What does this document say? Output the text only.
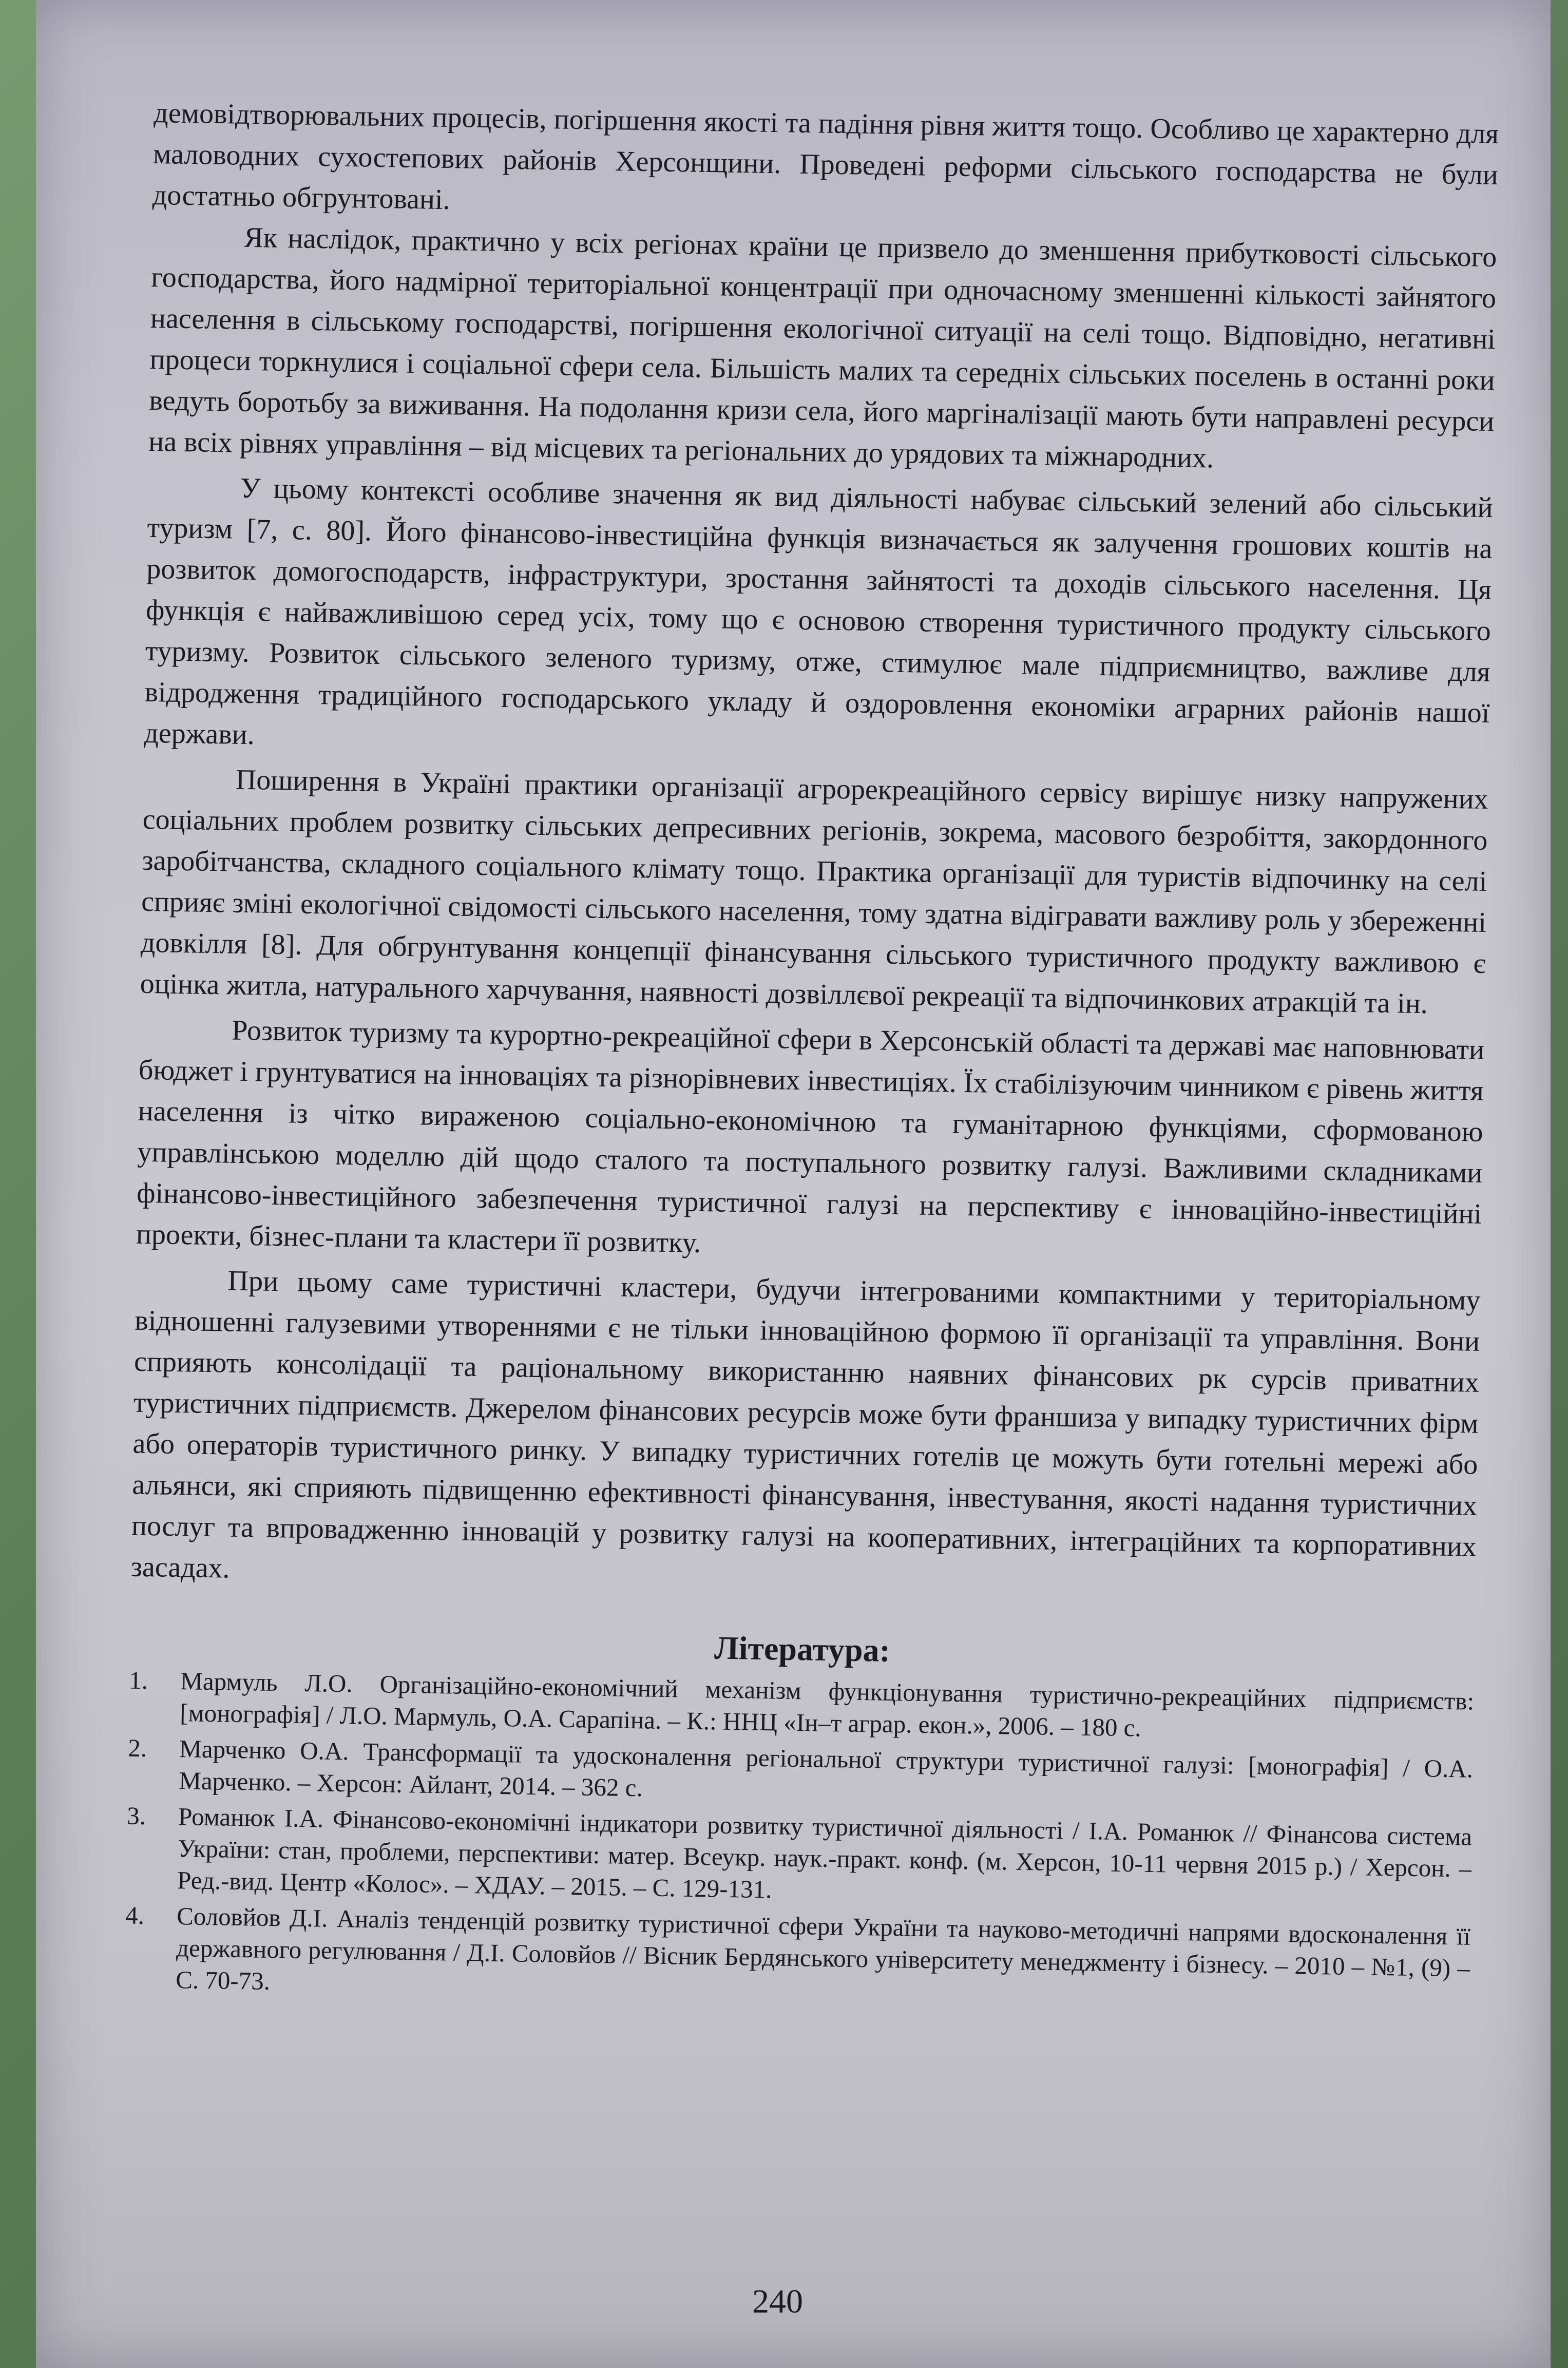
демовідтворювальних процесів, погіршення якості та падіння рівня життя тощо. Особливо це характерно для маловодних сухостепових районів Херсонщини. Проведені реформи сільського господарства не були достатньо обгрунтовані.

Як наслідок, практично у всіх регіонах країни це призвело до зменшення прибутковості сільського господарства, його надмірної територіальної концентрації при одночасному зменшенні кількості зайнятого населення в сільському господарстві, погіршення екологічної ситуації на селі тощо. Відповідно, негативні процеси торкнулися і соціальної сфери села. Більшість малих та середніх сільських поселень в останні роки ведуть боротьбу за виживання. На подолання кризи села, його маргіналізації мають бути направлені ресурси на всіх рівнях управління – від місцевих та регіональних до урядових та міжнародних.

У цьому контексті особливе значення як вид діяльності набуває сільський зелений або сільський туризм [7, с. 80]. Його фінансово-інвестиційна функція визначається як залучення грошових коштів на розвиток домогосподарств, інфраструктури, зростання зайнятості та доходів сільського населення. Ця функція є найважливішою серед усіх, тому що є основою створення туристичного продукту сільського туризму. Розвиток сільського зеленого туризму, отже, стимулює мале підприємництво, важливе для відродження традиційного господарського укладу й оздоровлення економіки аграрних районів нашої держави.

Поширення в Україні практики організації агрорекреаційного сервісу вирішує низку напружених соціальних проблем розвитку сільських депресивних регіонів, зокрема, масового безробіття, закордонного заробітчанства, складного соціального клімату тощо. Практика організації для туристів відпочинку на селі сприяє зміні екологічної свідомості сільського населення, тому здатна відігравати важливу роль у збереженні довкілля [8]. Для обгрунтування концепції фінансування сільського туристичного продукту важливою є оцінка житла, натурального харчування, наявності дозвіллєвої рекреації та відпочинкових атракцій та ін.

Розвиток туризму та курортно-рекреаційної сфери в Херсонській області та державі має наповнювати бюджет і грунтуватися на інноваціях та різнорівневих інвестиціях. Їх стабілізуючим чинником є рівень життя населення із чітко вираженою соціально-економічною та гуманітарною функціями, сформованою управлінською моделлю дій щодо сталого та поступального розвитку галузі. Важливими складниками фінансово-інвестиційного забезпечення туристичної галузі на перспективу є інноваційно-інвестиційні проекти, бізнес-плани та кластери її розвитку.

При цьому саме туристичні кластери, будучи інтегрованими компактними у територіальному відношенні галузевими утвореннями є не тільки інноваційною формою її організації та управління. Вони сприяють консолідації та раціональному використанню наявних фінансових рк сурсів приватних туристичних підприємств. Джерелом фінансових ресурсів може бути франшиза у випадку туристичних фірм або операторів туристичного ринку. У випадку туристичних готелів це можуть бути готельні мережі або альянси, які сприяють підвищенню ефективності фінансування, інвестування, якості надання туристичних послуг та впровадженню інновацій у розвитку галузі на кооперативних, інтеграційних та корпоративних засадах.

Література:
1.	Мармуль Л.О. Організаційно-економічний механізм функціонування туристично-рекреаційних підприємств: [монографія] / Л.О. Мармуль, О.А. Сарапіна. – К.: ННЦ «Ін–т аграр. екон.», 2006. – 180 с.
2.	Марченко О.А. Трансформації та удосконалення регіональної структури туристичної галузі: [монографія] / О.А. Марченко. – Херсон: Айлант, 2014. – 362 с.
3.	Романюк І.А. Фінансово-економічні індикатори розвитку туристичної діяльності / І.А. Романюк // Фінансова система України: стан, проблеми, перспективи: матер. Всеукр. наук.-практ. конф. (м. Херсон, 10-11 червня 2015 р.) / Херсон. – Ред.-вид. Центр «Колос». – ХДАУ. – 2015. – С. 129-131.
4.	Соловйов Д.І. Аналіз тенденцій розвитку туристичної сфери України та науково-методичні напрями вдосконалення її державного регулювання / Д.І. Соловйов // Вісник Бердянського університету менеджменту і бізнесу. – 2010 – №1, (9) – С. 70-73.
240
